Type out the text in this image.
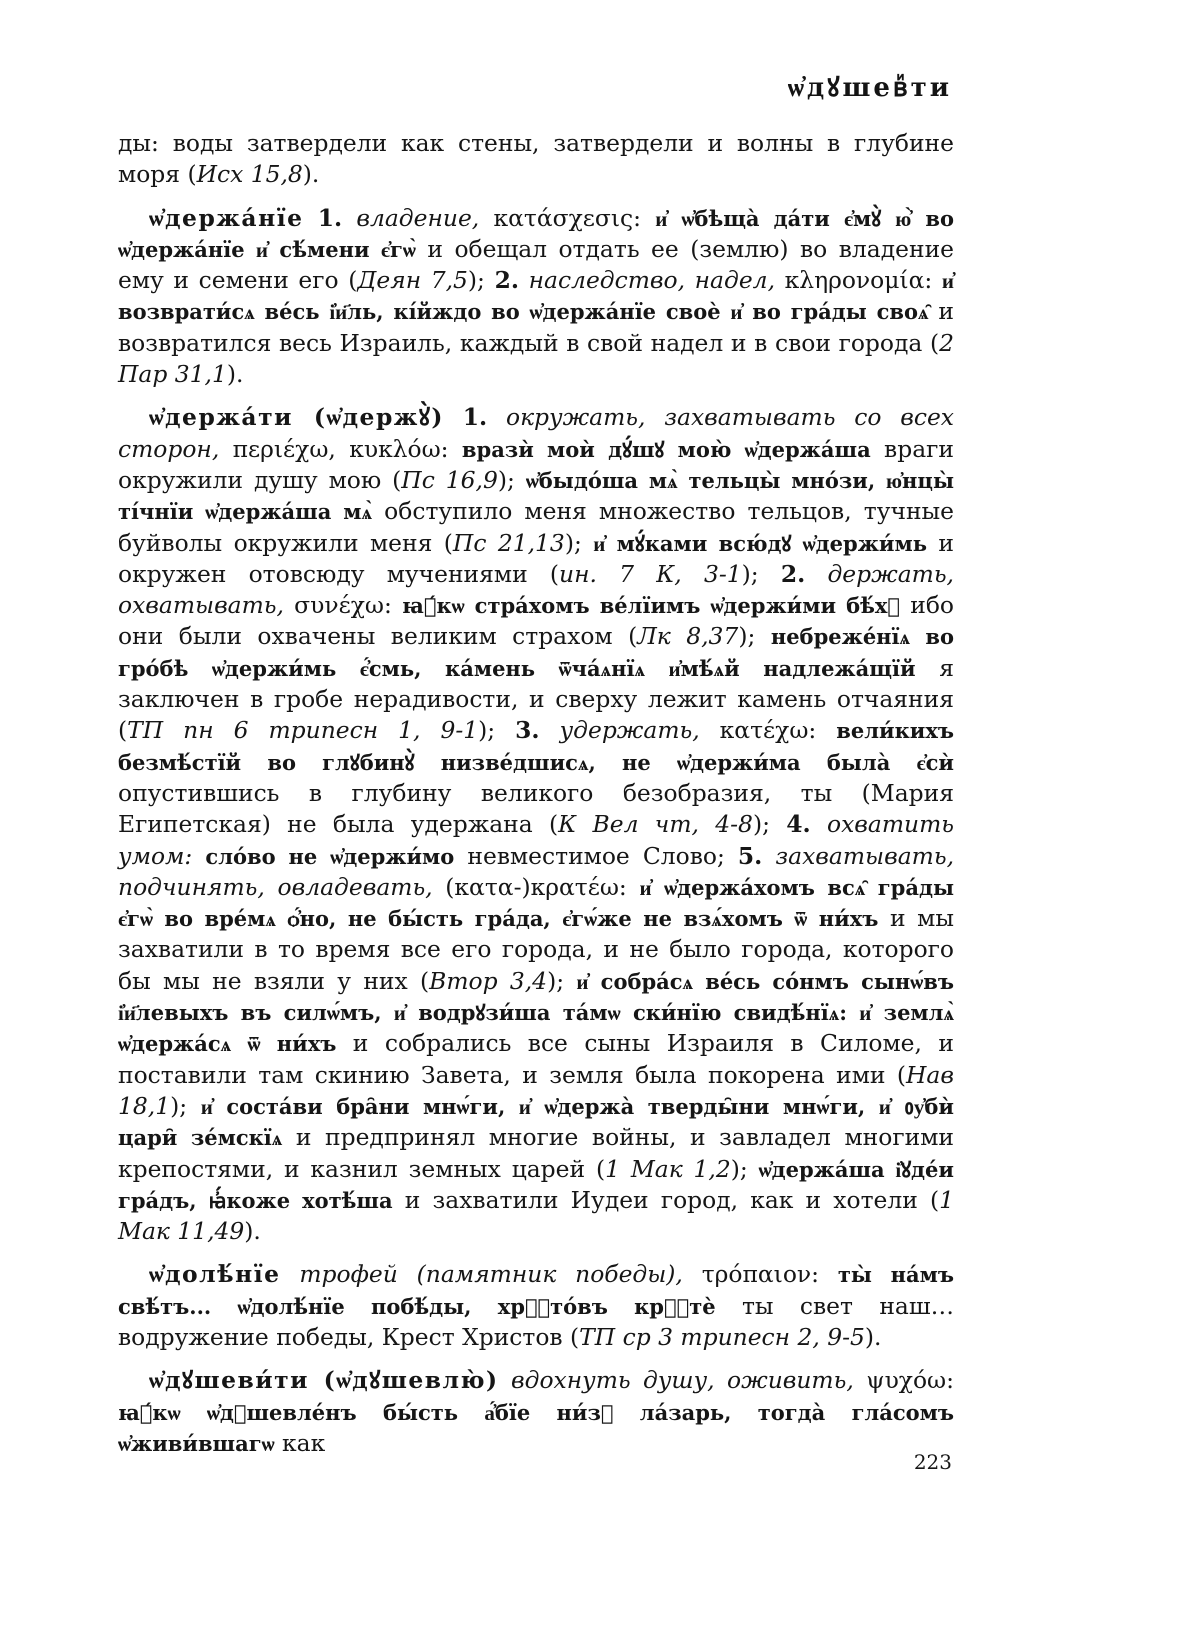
ѡ҆дꙋшевꙵти

ды: воды затвердели как стены, затвердели и волны в глубине моря (Исх 15,8).

ѡ҆держа́нїе 1. владение, κατάσχεσις: и҆ ѡ҆бѣща̀ да́ти є҆мꙋ̀ ю҆̀ во ѡ҆держа́нїе и҆ сѣ́мени є҆гѡ̀ и обещал отдать ее (землю) во владение ему и семени его (Деян 7,5); 2. наследство, надел, κληρονομία: и҆ возврати́сѧ ве́сь і҆и҃ль, кі́йждо во ѡ҆держа́нїе своѐ и҆ во гра́ды своѧ̑ и возвратился весь Израиль, каждый в свой надел и в свои города (2 Пар 31,1).

ѡ҆держа́ти (ѡ҆держꙋ̀) 1. окружать, захватывать со всех сторон, περιέχω, κυκλόω: вразѝ моѝ дꙋ́шꙋ мою̀ ѡ҆держа́ша враги окружили душу мою (Пс 16,9); ѡ҆быдо́ша мѧ̀ тельцы̀ мно́зи, ю҆нцы̀ ті́чнїи ѡ҆держа́ша мѧ̀ обступило меня множество тельцов, тучные буйволы окружили меня (Пс 21,13); и҆ мꙋ́ками всю́дꙋ ѡ҆держи́мь и окружен отовсюду мучениями (ин. 7 К, 3-1); 2. держать, охватывать, συνέχω: ꙗ҆́кѡ стра́хомъ ве́лїимъ ѡ҆держи́ми бѣ́хꙋ ибо они были охвачены великим страхом (Лк 8,37); небреже́нїѧ во гро́бѣ ѡ҆держи́мь є҆́смь, ка́мень ѿча́ѧнїѧ и҆мѣ́ѧй надлежа́щїй я заключен в гробе нерадивости, и сверху лежит камень отчаяния (ТП пн 6 трипесн 1, 9-1); 3. удержать, κατέχω: вели́кихъ безмѣ́стїй во глꙋбинꙋ̀ низве́дшисѧ, не ѡ҆держи́ма была̀ є҆сѝ опустившись в глубину великого безобразия, ты (Мария Египетская) не была удержана (К Вел чт, 4-8); 4. охватить умом: сло́во не ѡ҆держи́мо невместимое Слово; 5. захватывать, подчинять, овладевать, (κατα-)κρατέω: и҆ ѡ҆держа́хомъ всѧ̑ гра́ды є҆гѡ̀ во вре́мѧ ѻ҆́но, не бы́сть гра́да, є҆гѡ́же не взѧ́хомъ ѿ ни́хъ и мы захватили в то время все его города, и не было города, которого бы мы не взяли у них (Втор 3,4); и҆ собра́сѧ ве́сь со́нмъ сынѡ́въ і҆и҃левыхъ въ силѡ́мъ, и҆ водрꙋзи́ша та́мѡ ски́нїю свидѣ́нїѧ: и҆ землѧ̀ ѡ҆держа́сѧ ѿ ни́хъ и собрались все сыны Израиля в Силоме, и поставили там скинию Завета, и земля была покорена ими (Нав 18,1); и҆ соста́ви бра̑ни мнѡ́ги, и҆ ѡ҆держа̀ тверды̑ни мнѡ́ги, и҆ ᲂу҆бѝ цари̑ зе́мскїѧ и предпринял многие войны, и завладел многими крепостями, и казнил земных царей (1 Мак 1,2); ѡ҆держа́ша і҆ꙋде́и гра́дъ, ꙗ҆́коже хотѣ́ша и захватили Иудеи город, как и хотели (1 Мак 11,49).

ѡ҆долѣ́нїе трофей (памятник победы), τρόπαιον: ты̀ на́мъ свѣ́тъ... ѡ҆долѣ́нїе побѣ́ды, хрⷭ҇то́въ крⷭ҇тѐ ты свет наш… водружение победы, Крест Христов (ТП ср 3 трипесн 2, 9-5).

ѡ҆дꙋшеви́ти (ѡ҆дꙋшевлю̀) вдохнуть душу, оживить, ψυχόω: ꙗ҆́кѡ ѡ҆дꙋшевле́нъ бы́сть а҆́бїе ни́зꙋ ла́зарь, тогда̀ гла́сомъ ѡ҆живи́вшагѡ как

223
